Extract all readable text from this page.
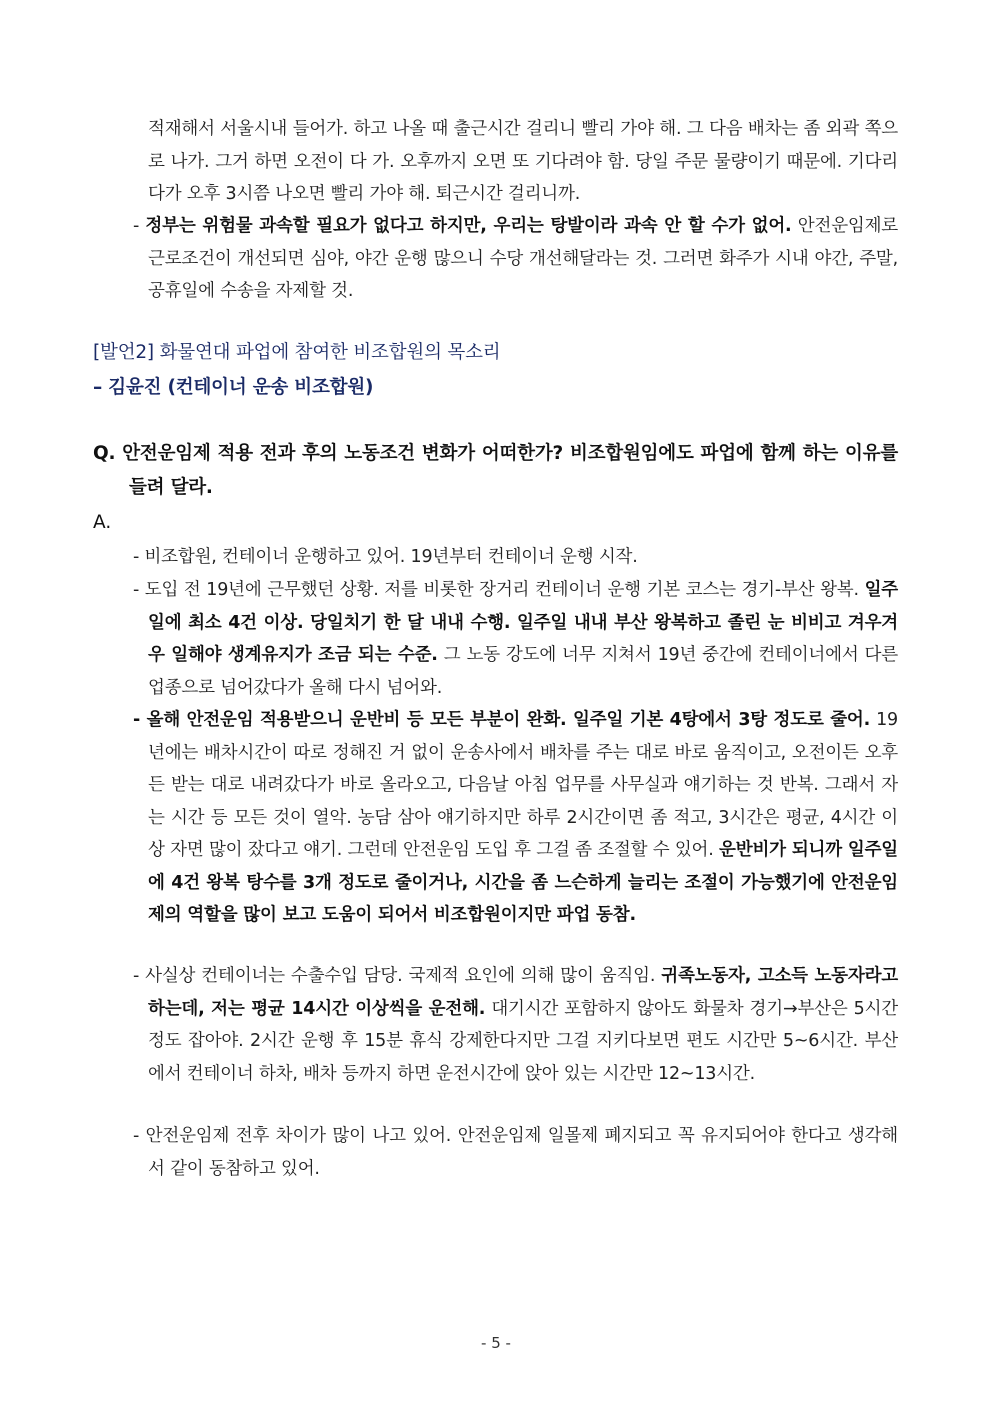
적재해서 서울시내 들어가. 하고 나올 때 출근시간 걸리니 빨리 가야 해. 그 다음 배차는 좀 외곽 쪽으로 나가. 그거 하면 오전이 다 가. 오후까지 오면 또 기다려야 함. 당일 주문 물량이기 때문에. 기다리다가 오후 3시쯤 나오면 빨리 가야 해. 퇴근시간 걸리니까.
- 정부는 위험물 과속할 필요가 없다고 하지만, 우리는 탕발이라 과속 안 할 수가 없어. 안전운임제로 근로조건이 개선되면 심야, 야간 운행 많으니 수당 개선해달라는 것. 그러면 화주가 시내 야간, 주말, 공휴일에 수송을 자제할 것.
[발언2] 화물연대 파업에 참여한 비조합원의 목소리
– 김윤진 (컨테이너 운송 비조합원)
Q. 안전운임제 적용 전과 후의 노동조건 변화가 어떠한가? 비조합원임에도 파업에 함께 하는 이유를 들려 달라.
A.
- 비조합원, 컨테이너 운행하고 있어. 19년부터 컨테이너 운행 시작.
- 도입 전 19년에 근무했던 상황. 저를 비롯한 장거리 컨테이너 운행 기본 코스는 경기-부산 왕복. 일주일에 최소 4건 이상. 당일치기 한 달 내내 수행. 일주일 내내 부산 왕복하고 졸린 눈 비비고 겨우겨우 일해야 생계유지가 조금 되는 수준. 그 노동 강도에 너무 지쳐서 19년 중간에 컨테이너에서 다른 업종으로 넘어갔다가 올해 다시 넘어와.
- 올해 안전운임 적용받으니 운반비 등 모든 부분이 완화. 일주일 기본 4탕에서 3탕 정도로 줄어. 19년에는 배차시간이 따로 정해진 거 없이 운송사에서 배차를 주는 대로 바로 움직이고, 오전이든 오후든 받는 대로 내려갔다가 바로 올라오고, 다음날 아침 업무를 사무실과 얘기하는 것 반복. 그래서 자는 시간 등 모든 것이 열악. 농담 삼아 얘기하지만 하루 2시간이면 좀 적고, 3시간은 평균, 4시간 이상 자면 많이 잤다고 얘기. 그런데 안전운임 도입 후 그걸 좀 조절할 수 있어. 운반비가 되니까 일주일에 4건 왕복 탕수를 3개 정도로 줄이거나, 시간을 좀 느슨하게 늘리는 조절이 가능했기에 안전운임제의 역할을 많이 보고 도움이 되어서 비조합원이지만 파업 동참.
- 사실상 컨테이너는 수출수입 담당. 국제적 요인에 의해 많이 움직임. 귀족노동자, 고소득 노동자라고 하는데, 저는 평균 14시간 이상씩을 운전해. 대기시간 포함하지 않아도 화물차 경기→부산은 5시간 정도 잡아야. 2시간 운행 후 15분 휴식 강제한다지만 그걸 지키다보면 편도 시간만 5~6시간. 부산에서 컨테이너 하차, 배차 등까지 하면 운전시간에 앉아 있는 시간만 12~13시간.
- 안전운임제 전후 차이가 많이 나고 있어. 안전운임제 일몰제 폐지되고 꼭 유지되어야 한다고 생각해서 같이 동참하고 있어.
- 5 -
